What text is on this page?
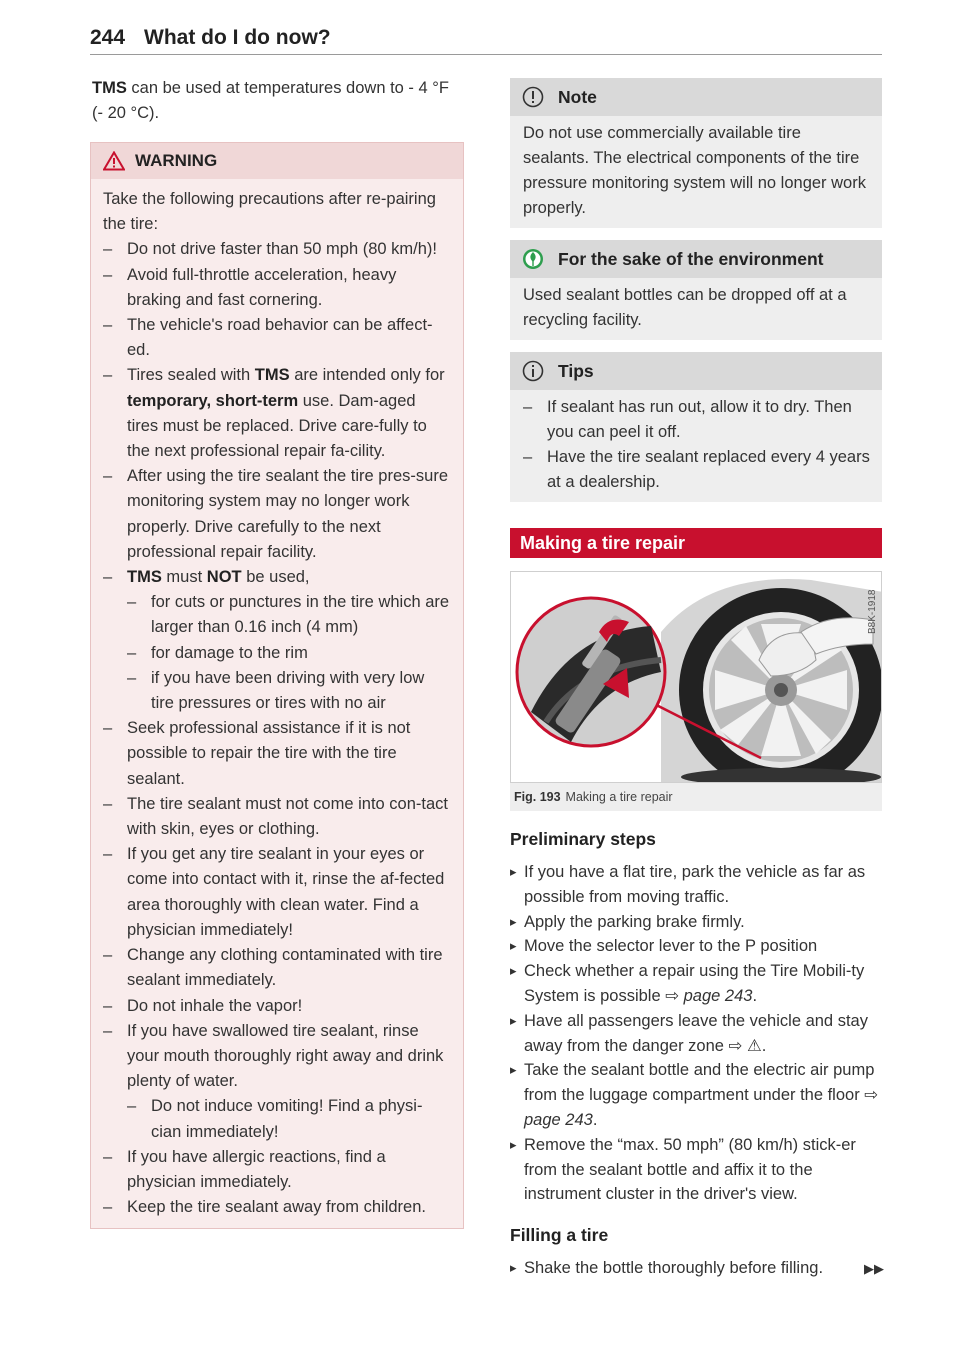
244 What do I do now?

TMS can be used at temperatures down to - 4 °F (- 20 °C).

WARNING

Take the following precautions after re-pairing the tire:

– Do not drive faster than 50 mph (80 km/h)!
– Avoid full-throttle acceleration, heavy braking and fast cornering.
– The vehicle's road behavior can be affect-ed.
– Tires sealed with TMS are intended only for temporary, short-term use. Dam-aged tires must be replaced. Drive care-fully to the next professional repair fa-cility.
– After using the tire sealant the tire pres-sure monitoring system may no longer work properly. Drive carefully to the next professional repair facility.
– TMS must NOT be used,
– for cuts or punctures in the tire which are larger than 0.16 inch (4 mm)
– for damage to the rim
– if you have been driving with very low tire pressures or tires with no air
– Seek professional assistance if it is not possible to repair the tire with the tire sealant.
– The tire sealant must not come into con-tact with skin, eyes or clothing.
– If you get any tire sealant in your eyes or come into contact with it, rinse the af-fected area thoroughly with clean water. Find a physician immediately!
– Change any clothing contaminated with tire sealant immediately.
– Do not inhale the vapor!
– If you have swallowed tire sealant, rinse your mouth thoroughly right away and drink plenty of water.
– Do not induce vomiting! Find a physi-cian immediately!
– If you have allergic reactions, find a physician immediately.
– Keep the tire sealant away from children.
Note
Do not use commercially available tire sealants. The electrical components of the tire pressure monitoring system will no longer work properly.
For the sake of the environment
Used sealant bottles can be dropped off at a recycling facility.
Tips
– If sealant has run out, allow it to dry. Then you can peel it off.
– Have the tire sealant replaced every 4 years at a dealership.
Making a tire repair
B8K-1918
Fig. 193 Making a tire repair
Preliminary steps
▸ If you have a flat tire, park the vehicle as far as possible from moving traffic.
▸ Apply the parking brake firmly.
▸ Move the selector lever to the P position
▸ Check whether a repair using the Tire Mobili-ty System is possible ⇨ page 243.
▸ Have all passengers leave the vehicle and stay away from the danger zone ⇨ ⚠.
▸ Take the sealant bottle and the electric air pump from the luggage compartment under the floor ⇨ page 243.
▸ Remove the “max. 50 mph” (80 km/h) stick-er from the sealant bottle and affix it to the instrument cluster in the driver's view.
Filling a tire
▸ Shake the bottle thoroughly before filling.	▶▶
